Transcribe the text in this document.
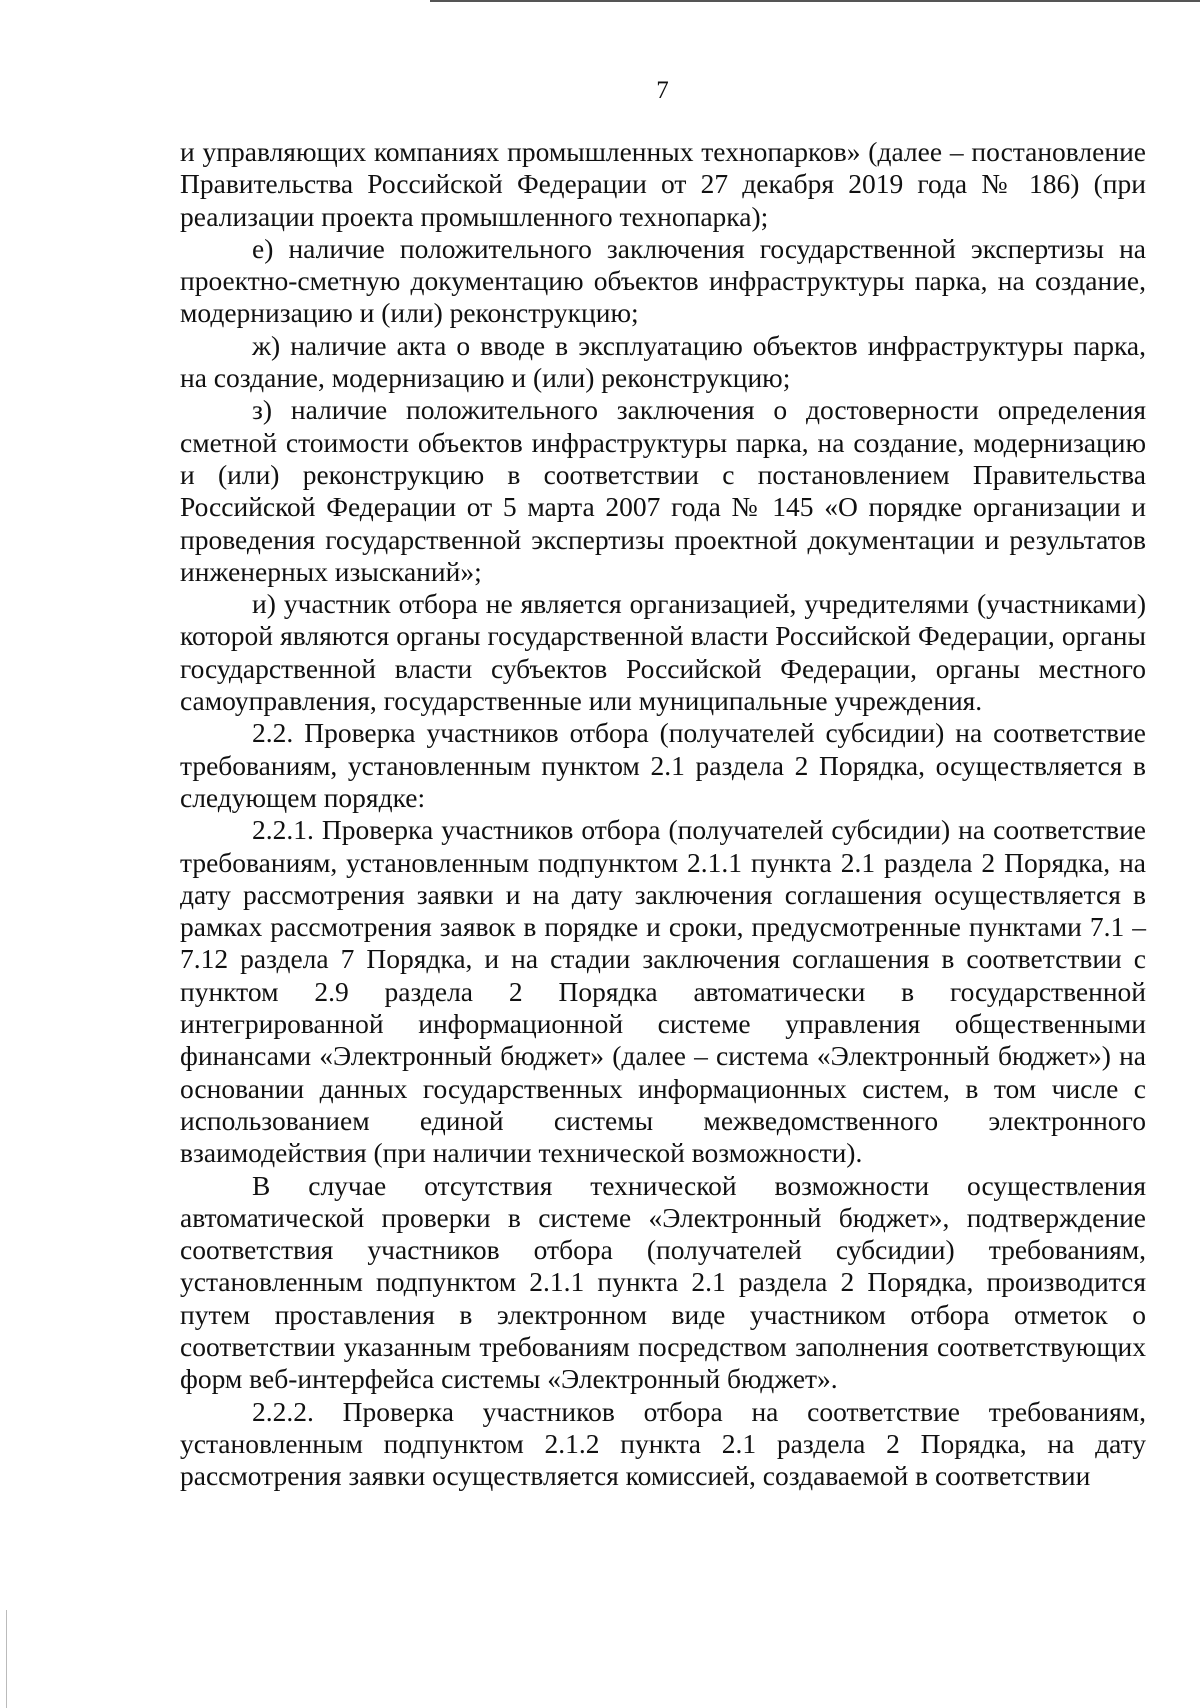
7

и управляющих компаниях промышленных технопарков» (далее – постановление Правительства Российской Федерации от 27 декабря 2019 года № 186) (при реализации проекта промышленного технопарка);

е) наличие положительного заключения государственной экспертизы на проектно-сметную документацию объектов инфраструктуры парка, на создание, модернизацию и (или) реконструкцию;

ж) наличие акта о вводе в эксплуатацию объектов инфраструктуры парка, на создание, модернизацию и (или) реконструкцию;

з) наличие положительного заключения о достоверности определения сметной стоимости объектов инфраструктуры парка, на создание, модернизацию и (или) реконструкцию в соответствии с постановлением Правительства Российской Федерации от 5 марта 2007 года № 145 «О порядке организации и проведения государственной экспертизы проектной документации и результатов инженерных изысканий»;

и) участник отбора не является организацией, учредителями (участниками) которой являются органы государственной власти Российской Федерации, органы государственной власти субъектов Российской Федерации, органы местного самоуправления, государственные или муниципальные учреждения.

2.2. Проверка участников отбора (получателей субсидии) на соответствие требованиям, установленным пунктом 2.1 раздела 2 Порядка, осуществляется в следующем порядке:

2.2.1. Проверка участников отбора (получателей субсидии) на соответствие требованиям, установленным подпунктом 2.1.1 пункта 2.1 раздела 2 Порядка, на дату рассмотрения заявки и на дату заключения соглашения осуществляется в рамках рассмотрения заявок в порядке и сроки, предусмотренные пунктами 7.1 – 7.12 раздела 7 Порядка, и на стадии заключения соглашения в соответствии с пунктом 2.9 раздела 2 Порядка автоматически в государственной интегрированной информационной системе управления общественными финансами «Электронный бюджет» (далее – система «Электронный бюджет») на основании данных государственных информационных систем, в том числе с использованием единой системы межведомственного электронного взаимодействия (при наличии технической возможности).

В случае отсутствия технической возможности осуществления автоматической проверки в системе «Электронный бюджет», подтверждение соответствия участников отбора (получателей субсидии) требованиям, установленным подпунктом 2.1.1 пункта 2.1 раздела 2 Порядка, производится путем проставления в электронном виде участником отбора отметок о соответствии указанным требованиям посредством заполнения соответствующих форм веб-интерфейса системы «Электронный бюджет».

2.2.2. Проверка участников отбора на соответствие требованиям, установленным подпунктом 2.1.2 пункта 2.1 раздела 2 Порядка, на дату рассмотрения заявки осуществляется комиссией, создаваемой в соответствии
